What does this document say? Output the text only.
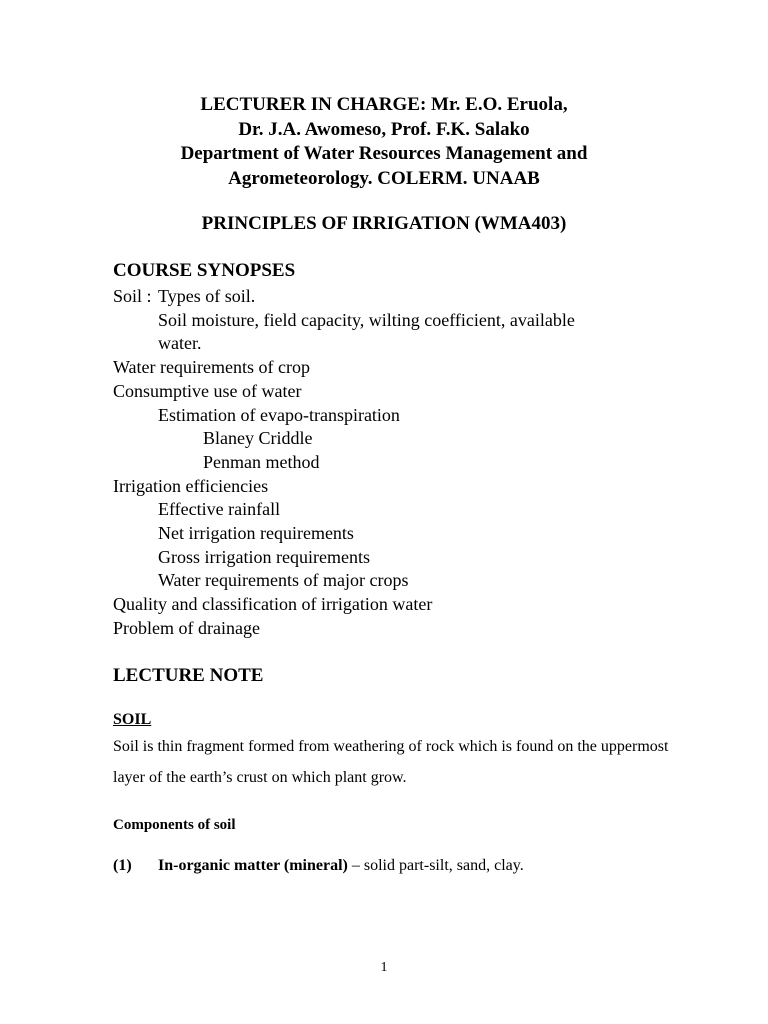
LECTURER IN CHARGE: Mr. E.O. Eruola,
Dr. J.A. Awomeso, Prof. F.K. Salako
Department of Water Resources Management and
Agrometeorology. COLERM. UNAAB
PRINCIPLES OF IRRIGATION (WMA403)
COURSE SYNOPSES
Soil : Types of soil.
Soil moisture, field capacity, wilting coefficient, available
water.
Water requirements of crop
Consumptive use of water
Estimation of evapo-transpiration
Blaney Criddle
Penman method
Irrigation efficiencies
Effective rainfall
Net irrigation requirements
Gross irrigation requirements
Water requirements of major crops
Quality and classification of irrigation water
Problem of drainage
LECTURE NOTE
SOIL
Soil is thin fragment formed from weathering of rock which is found on the uppermost layer of the earth’s crust on which plant grow.
Components of soil
(1) In-organic matter (mineral) – solid part-silt, sand, clay.
1
